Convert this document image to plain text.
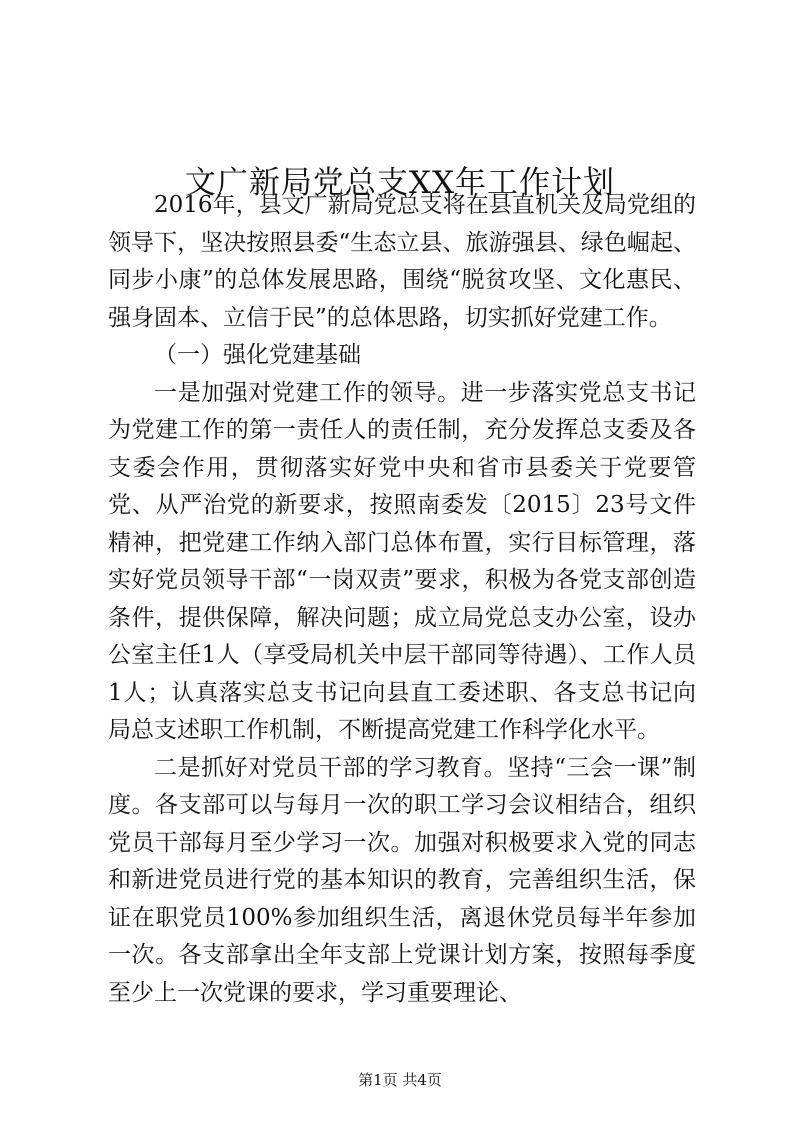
文广新局党总支XX年工作计划

2016年，县文广新局党总支将在县直机关及局党组的领导下，坚决按照县委“生态立县、旅游强县、绿色崛起、同步小康”的总体发展思路，围绕“脱贫攻坚、文化惠民、强身固本、立信于民”的总体思路，切实抓好党建工作。

（一）强化党建基础

一是加强对党建工作的领导。进一步落实党总支书记为党建工作的第一责任人的责任制，充分发挥总支委及各支委会作用，贯彻落实好党中央和省市县委关于党要管党、从严治党的新要求，按照南委发〔2015〕23号文件精神，把党建工作纳入部门总体布置，实行目标管理，落实好党员领导干部“一岗双责”要求，积极为各党支部创造条件，提供保障，解决问题；成立局党总支办公室，设办公室主任1人（享受局机关中层干部同等待遇）、工作人员1人；认真落实总支书记向县直工委述职、各支总书记向局总支述职工作机制，不断提高党建工作科学化水平。

二是抓好对党员干部的学习教育。坚持“三会一课”制度。各支部可以与每月一次的职工学习会议相结合，组织党员干部每月至少学习一次。加强对积极要求入党的同志和新进党员进行党的基本知识的教育，完善组织生活，保证在职党员100%参加组织生活，离退休党员每半年参加一次。各支部拿出全年支部上党课计划方案，按照每季度至少上一次党课的要求，学习重要理论、

第1页 共4页
